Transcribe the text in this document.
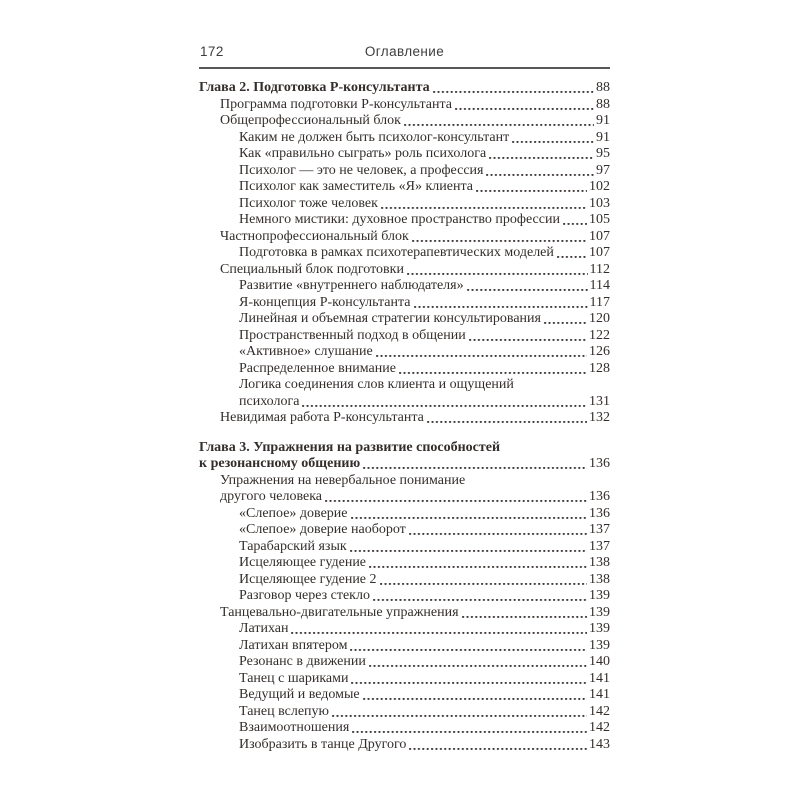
172	Оглавление
Глава 2. Подготовка Р-консультанта	88
Программа подготовки Р-консультанта	88
Общепрофессиональный блок	91
Каким не должен быть психолог-консультант	91
Как «правильно сыграть» роль психолога	95
Психолог — это не человек, а профессия	97
Психолог как заместитель «Я» клиента	102
Психолог тоже человек	103
Немного мистики: духовное пространство профессии 105
Частнопрофессиональный блок	107
Подготовка в рамках психотерапевтических моделей	107
Специальный блок подготовки	112
Развитие «внутреннего наблюдателя»	114
Я-концепция Р-консультанта	117
Линейная и объемная стратегии консультирования	120
Пространственный подход в общении	122
«Активное» слушание	126
Распределенное внимание	128
Логика соединения слов клиента и ощущений
психолога	131
Невидимая работа Р-консультанта	132
Глава 3. Упражнения на развитие способностей
к резонансному общению	136
Упражнения на невербальное понимание
другого человека	136
«Слепое» доверие	136
«Слепое» доверие наоборот	137
Тарабарский язык	137
Исцеляющее гудение	138
Исцеляющее гудение 2	138
Разговор через стекло	139
Танцевально-двигательные упражнения	139
Латихан	139
Латихан впятером	139
Резонанс в движении	140
Танец с шариками	141
Ведущий и ведомые	141
Танец вслепую	142
Взаимоотношения	142
Изобразить в танце Другого	143
